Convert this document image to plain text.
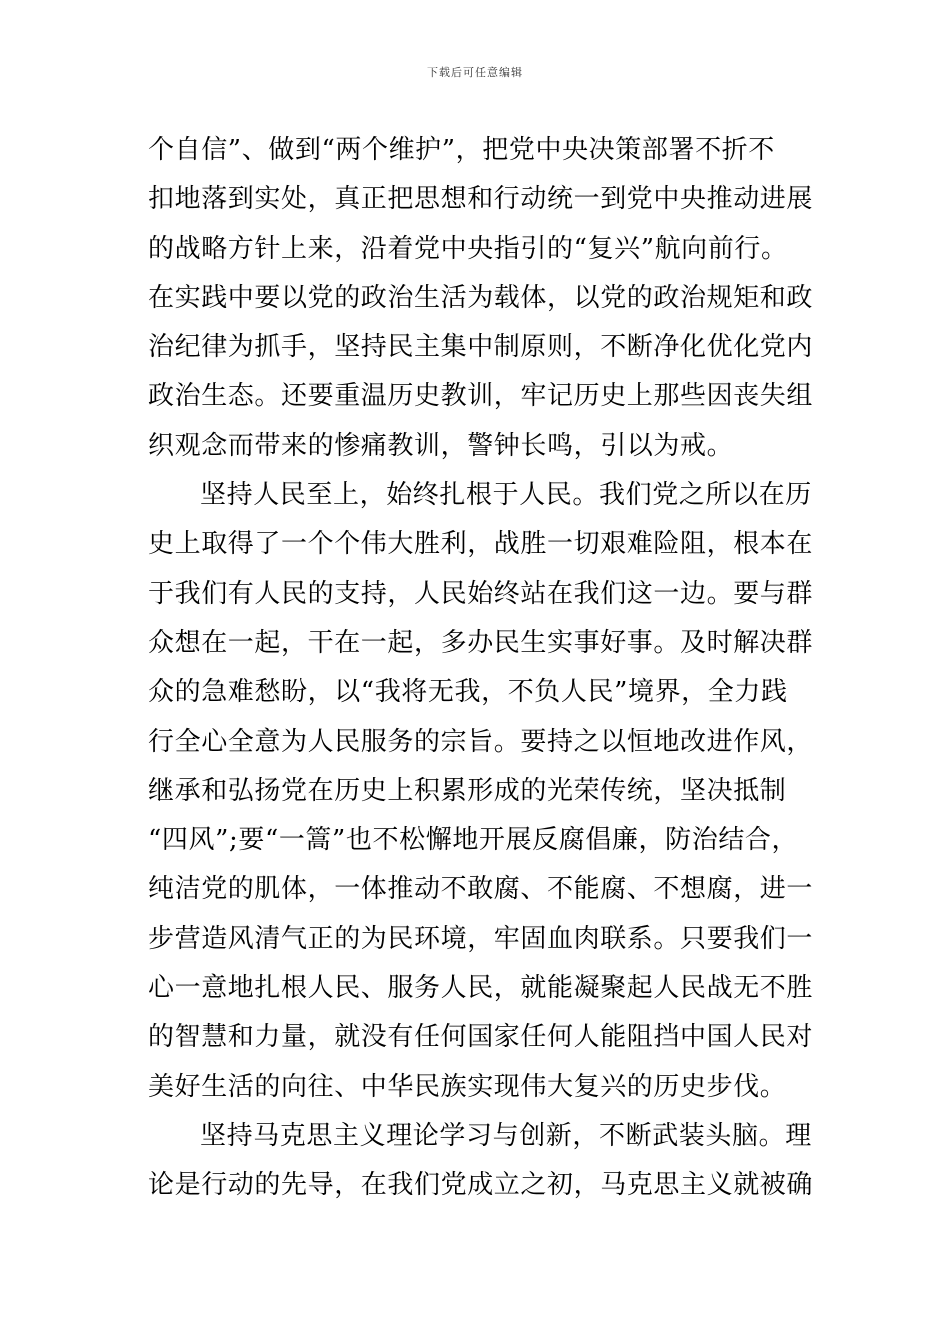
下载后可任意编辑
个自信”、做到“两个维护”，把党中央决策部署不折不
扣地落到实处，真正把思想和行动统一到党中央推动进展
的战略方针上来，沿着党中央指引的“复兴”航向前行。
在实践中要以党的政治生活为载体，以党的政治规矩和政
治纪律为抓手，坚持民主集中制原则，不断净化优化党内
政治生态。还要重温历史教训，牢记历史上那些因丧失组
织观念而带来的惨痛教训，警钟长鸣，引以为戒。
坚持人民至上，始终扎根于人民。我们党之所以在历
史上取得了一个个伟大胜利，战胜一切艰难险阻，根本在
于我们有人民的支持，人民始终站在我们这一边。要与群
众想在一起，干在一起，多办民生实事好事。及时解决群
众的急难愁盼，以“我将无我，不负人民”境界，全力践
行全心全意为人民服务的宗旨。要持之以恒地改进作风，
继承和弘扬党在历史上积累形成的光荣传统，坚决抵制
“四风”;要“一篙”也不松懈地开展反腐倡廉，防治结合，
纯洁党的肌体，一体推动不敢腐、不能腐、不想腐，进一
步营造风清气正的为民环境，牢固血肉联系。只要我们一
心一意地扎根人民、服务人民，就能凝聚起人民战无不胜
的智慧和力量，就没有任何国家任何人能阻挡中国人民对
美好生活的向往、中华民族实现伟大复兴的历史步伐。
坚持马克思主义理论学习与创新，不断武装头脑。理
论是行动的先导，在我们党成立之初，马克思主义就被确
